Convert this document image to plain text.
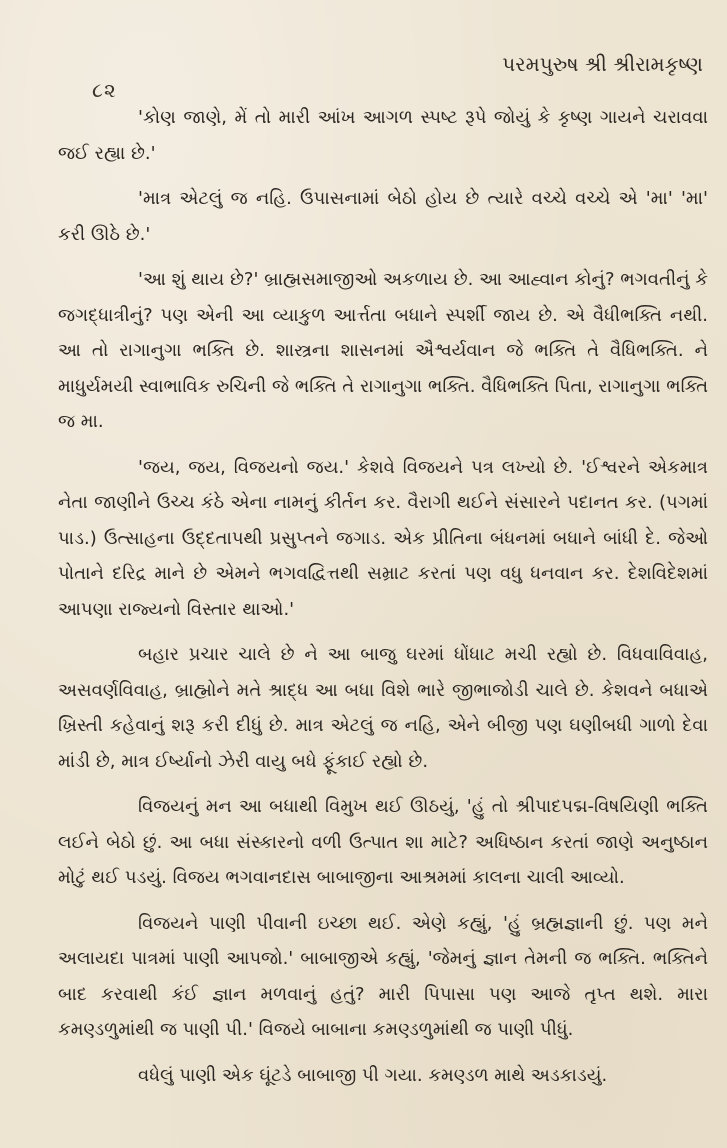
૮૨
પરમપુરુષ શ્રી શ્રીરામકૃષ્ણ

'કોણ જાણે, મેં તો મારી આંખ આગળ સ્પષ્ટ રૂપે જોયું કે કૃષ્ણ ગાયને ચરાવવા જઈ રહ્યા છે.'

'માત્ર એટલું જ નહિ. ઉપાસનામાં બેઠો હોય છે ત્યારે વચ્ચે વચ્ચે એ 'મા' 'મા' કરી ઊઠે છે.'

'આ શું થાય છે?' બ્રાહ્મસમાજીઓ અકળાય છે. આ આહ્વાન કોનું? ભગવતીનું કે જગદ્ધાત્રીનું? પણ એની આ વ્યાકુળ આર્ત્તતા બધાને સ્પર્શી જાય છે. એ વૈધીભક્તિ નથી. આ તો રાગાનુગા ભક્તિ છે. શાસ્ત્રના શાસનમાં ઐશ્વર્યવાન જે ભક્તિ તે વૈધિભક્તિ. ને માધુર્યમયી સ્વાભાવિક રુચિની જે ભક્તિ તે રાગાનુગા ભક્તિ. વૈધિભક્તિ પિતા, રાગાનુગા ભક્તિ જ મા.

'જય, જય, વિજયનો જય.' કેશવે વિજયને પત્ર લખ્યો છે. 'ઈશ્વરને એકમાત્ર નેતા જાણીને ઉચ્ચ કંઠે એના નામનું કીર્તન કર. વૈરાગી થઈને સંસારને પદાનત કર. (પગમાં પાડ.) ઉત્સાહના ઉદ્દતાપથી પ્રસુપ્તને જગાડ. એક પ્રીતિના બંધનમાં બધાને બાંધી દે. જેઓ પોતાને દરિદ્ર માને છે એમને ભગવદ્વિત્તથી સમ્રાટ કરતાં પણ વધુ ધનવાન કર. દેશવિદેશમાં આપણા રાજ્યનો વિસ્તાર થાઓ.'

બહાર પ્રચાર ચાલે છે ને આ બાજુ ઘરમાં ધોંધાટ મચી રહ્યો છે. વિધવાવિવાહ, અસવર્ણવિવાહ, બ્રાહ્મોને મતે શ્રાદ્ધ આ બધા વિશે ભારે જીભાજોડી ચાલે છે. કેશવને બધાએ ખ્રિસ્તી કહેવાનું શરૂ કરી દીધું છે. માત્ર એટલું જ નહિ, એને બીજી પણ ઘણીબધી ગાળો દેવા માંડી છે, માત્ર ઈર્ષ્યાનો ઝેરી વાયુ બધે ફૂંકાઈ રહ્યો છે.

વિજયનું મન આ બધાથી વિમુખ થઈ ઊઠયું, 'હું તો શ્રીપાદપદ્મ-વિષયિણી ભક્તિ લઈને બેઠો છું. આ બધા સંસ્કારનો વળી ઉત્પાત શા માટે? અધિષ્ઠાન કરતાં જાણે અનુષ્ઠાન મોટું થઈ પડયું. વિજય ભગવાનદાસ બાબાજીના આશ્રમમાં કાલના ચાલી આવ્યો.

વિજયને પાણી પીવાની ઇચ્છા થઈ. એણે કહ્યું, 'હું બ્રહ્મજ્ઞાની છું. પણ મને અલાયદા પાત્રમાં પાણી આપજો.' બાબાજીએ કહ્યું, 'જેમનું જ્ઞાન તેમની જ ભક્તિ. ભક્તિને બાદ કરવાથી કંઈ જ્ઞાન મળવાનું હતું? મારી પિપાસા પણ આજે તૃપ્ત થશે. મારા કમણ્ડળુમાંથી જ પાણી પી.' વિજયે બાબાના કમણ્ડળુમાંથી જ પાણી પીધું.

વધેલું પાણી એક ઘૂંટડે બાબાજી પી ગયા. કમણ્ડળ માથે અડકાડયું.
